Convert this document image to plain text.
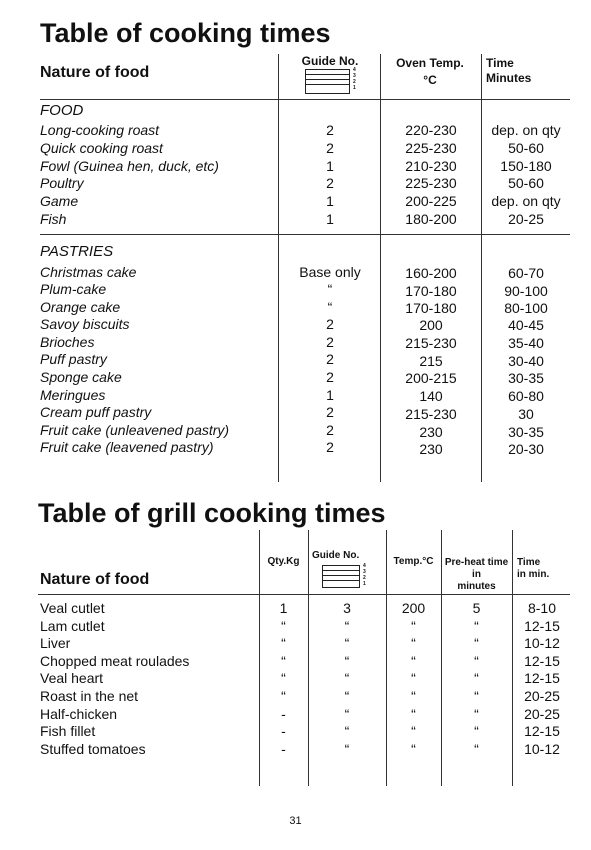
Table of cooking times
Nature of food
Guide No.
4
3
2
1
Oven Temp.
°C
Time
Minutes
FOOD
Long-cooking roast	2	220-230	dep. on qty
Quick cooking roast	2	225-230	50-60
Fowl (Guinea hen, duck, etc)	1	210-230	150-180
Poultry	2	225-230	50-60
Game	1	200-225	dep. on qty
Fish	1	180-200	20-25
PASTRIES
Christmas cake	Base only	160-200	60-70
Plum-cake	“	170-180	90-100
Orange cake	“	170-180	80-100
Savoy biscuits	2	200	40-45
Brioches	2	215-230	35-40
Puff pastry	2	215	30-40
Sponge cake	2	200-215	30-35
Meringues	1	140	60-80
Cream puff pastry	2	215-230	30
Fruit cake (unleavened pastry)	2	230	30-35
Fruit cake (leavened pastry)	2	230	20-30
Table of grill cooking times
Nature of food
Qty.Kg
Guide No.
4
3
2
1
Temp.°C	Pre-heat time
in
minutes
Time
in min.
Veal cutlet	1	3	200	5	8-10
Lam cutlet	“	“	“	“	12-15
Liver	“	“	“	“	10-12
Chopped meat roulades	“	“	“	“	12-15
Veal heart	“	“	“	“	12-15
Roast in the net	“	“	“	“	20-25
Half-chicken	-	“	“	“	20-25
Fish fillet	-	“	“	“	12-15
Stuffed tomatoes	-	“	“	“	10-12
31
